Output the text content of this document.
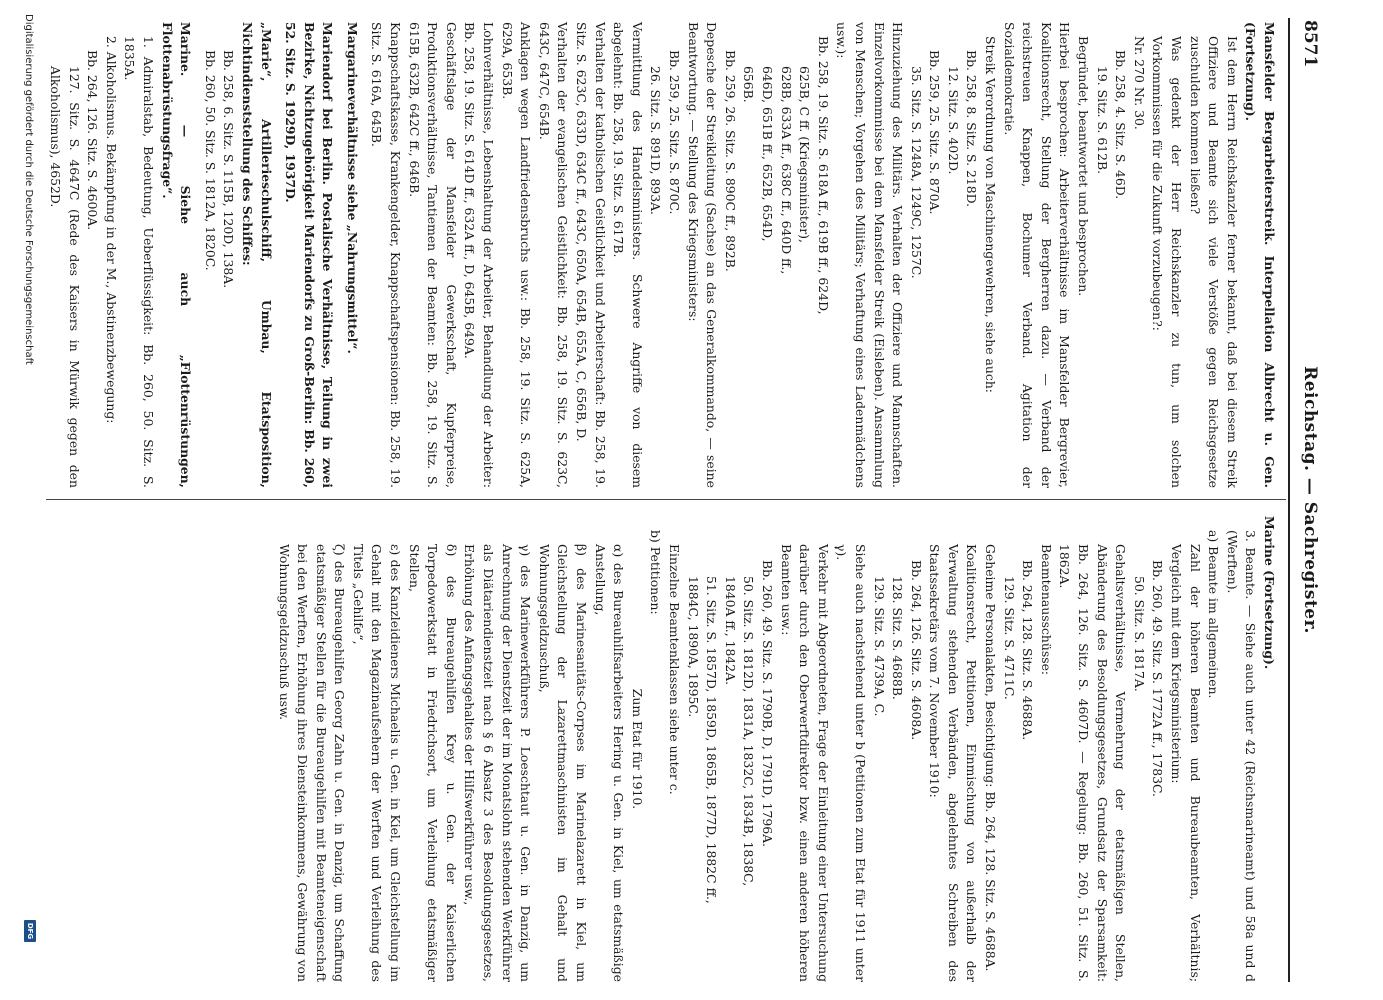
8571
Reichstag. — Sachregister.

Mansfelder Bergarbeiterstreik. Interpellation Albrecht u. Gen. (Fortsetzung).

Ist dem Herrn Reichskanzler ferner bekannt, daß bei diesem Streik Offiziere und Beamte sich viele Verstöße gegen Reichsgesetze zuschulden kommen ließen?

Was gedenkt der Herr Reichskanzler zu tun, um solchen Vorkommnissen für die Zukunft vorzubeugen?:

Nr. 270 Nr. 30.

Bb. 258, 4. Sitz. S. 46D.

19. Sitz. S. 612B.

Begründet, beantwortet und besprochen.

Hierbei besprochen: Arbeiterverhältnisse im Mansfelder Bergrevier, Koalitionsrecht, Stellung der Bergherren dazu. — Verband der reichstreuen Knappen, Bochumer Verband. Agitation der Sozialdemokratie.

Streik Verordnung von Maschinengewehren, siehe auch:

Bb. 258, 8. Sitz. S. 218D.

12. Sitz. S. 402D.

Bb. 259, 25. Sitz. S. 870A.

35. Sitz. S. 1248A, 1249C, 1257C.

Hinzuziehung des Militärs. Verhalten der Offiziere und Mannschaften. Einzelvorkommnisse bei dem Mansfelder Streik (Eisleben). Ansammlung von Menschen; Vorgehen des Militärs; Verhaftung eines Ladenmädchens usw.):

Bb. 258, 19. Sitz. S. 618A ff., 619B ff., 624D,

625B, C ff. (Kriegsminister),

628B, 633A ff., 638C ff., 640D ff.,

646D, 651B ff., 652B, 654D,

656B.

Bb. 259, 26. Sitz. S. 890C ff., 892B.

Depesche der Streikleitung (Sachse) an das Generalkommando, — seine Beantwortung. — Stellung des Kriegsministers:

Bb. 259, 25. Sitz. S. 870C.

26. Sitz. S. 891D, 893A.

Vermittlung des Handelsministers. Schwere Angriffe von diesem abgelehnt: Bb. 258, 19. Sitz. S. 617B.

Verhalten der katholischen Geistlichkeit und Arbeiterschaft: Bb. 258, 19. Sitz. S. 623C, 633D, 634C ff., 643C, 650A, 654B, 655A, C, 656B, D.

Verhalten der evangelischen Geistlichkeit: Bb. 258, 19. Sitz. S. 623C, 643C, 647C, 654B.

Anklagen wegen Landfriedensbruchs usw.: Bb. 258, 19. Sitz. S. 625A, 629A, 653B.

Lohnverhältnisse, Lebenshaltung der Arbeiter, Behandlung der Arbeiter: Bb. 258, 19. Sitz. S. 614D ff., 632A ff., D, 645B, 649A.

Geschäftslage der Mansfelder Gewerkschaft, Kupferpreise, Produktionsverhältnisse, Tantiemen der Beamten: Bb. 258, 19. Sitz. S. 615B, 632B, 642C ff., 646B.

Knappschaftskasse, Krankengelder, Knappschaftspensionen: Bb. 258, 19. Sitz. S. 616A, 645B.

Margarineverhältnisse siehe „Nahrungsmittel“.

Mariendorf bei Berlin. Postalische Verhältnisse, Teilung in zwei Bezirke, Nichtzugehörigkeit Mariendorfs zu Groß-Berlin: Bb. 260, 52. Sitz. S. 1929D, 1937D.

„Marie“, Artillerieschulschiff, Umbau, Etatsposition, Nichtindienststellung des Schiffes:

Bb. 258, 6. Sitz. S. 115B, 120D, 138A.

Bb. 260, 50. Sitz. S. 1812A, 1820C.

Marine. — Siehe auch „Flottenrüstungen, Flottenabrüstungsfrage“.

1. Admiralstab, Bedeutung, Ueberflüssigkeit: Bb. 260, 50. Sitz. S. 1835A.

2. Alkoholismus. Bekämpfung in der M., Abstinenzbewegung:

Bb. 264, 126. Sitz. S. 4600A.

127. Sitz. S. 4647C (Rede des Kaisers in Mürwik gegen den Alkoholismus), 4652D.

Marine (Fortsetzung).

3. Beamte. — Siehe auch unter 42 (Reichsmarineamt) und 58a und d (Werften).

a) Beamte im allgemeinen.

Zahl der höheren Beamten und Bureaubeamten, Verhältnis; Vergleich mit dem Kriegsministerium:

Bb. 260, 49. Sitz. S. 1772A ff., 1783C.

50. Sitz. S. 1817A.

Gehaltsverhältnisse, Vermehrung der etatsmäßigen Stellen, Abänderung des Besoldungsgesetzes, Grundsatz der Sparsamkeit: Bb. 264, 126. Sitz. S. 4607D. — Regelung: Bb. 260, 51. Sitz. S. 1862A.

Beamtenausschüsse:

Bb. 264, 128. Sitz. S. 4688A.

129. Sitz. S. 4711C.

Geheime Personalakten, Besichtigung: Bb. 264, 128. Sitz. S. 4688A.

Koalitionsrecht, Petitionen, Einmischung von außerhalb der Verwaltung stehenden Verbänden, abgelehntes Schreiben des Staatssekretärs vom 7. November 1910:

Bb. 264, 126. Sitz. S. 4608A.

128. Sitz. S. 4688B.

129. Sitz. S. 4739A, C.

Siehe auch nachstehend unter b (Petitionen zum Etat für 1911 unter γ).

Verkehr mit Abgeordneten, Frage der Einleitung einer Untersuchung darüber durch den Oberwerftdirektor bzw. einen anderen höheren Beamten usw.:

Bb. 260, 49. Sitz. S. 1790B, D, 1791D, 1796A.

50. Sitz. S. 1812D, 1831A, 1832C, 1834B, 1838C,

1840A ff., 1842A.

51. Sitz. S. 1857D, 1859D, 1865B, 1877D, 1882C ff.,

1884C, 1890A, 1895C.

Einzelne Beamtenklassen siehe unter c.

b) Petitionen:

Zum Etat für 1910.

α) des Bureauhilfsarbeiters Hering u. Gen. in Kiel, um etatsmäßige Anstellung,

β) des Marinesanitäts-Corpses im Marinelazarett in Kiel, um Gleichstellung der Lazarettmaschinisten im Gehalt und Wohnungsgeldzuschuß,

γ) des Marinewerkführers P. Loeschtaut u. Gen. in Danzig, um Anrechnung der Dienstzeit der im Monatslohn stehenden Werkführer als Diätariendienstzeit nach § 6 Absatz 3 des Besoldungsgesetzes, Erhöhung des Anfangsgehaltes der Hilfswerkführer usw.,

δ) des Bureaugehilfen Krey u. Gen. der Kaiserlichen Torpedowerkstatt in Friedrichsort, um Verleihung etatsmäßiger Stellen,

ε) des Kanzleidieners Michaelis u. Gen. in Kiel, um Gleichstellung im Gehalt mit den Magazinaufsehern der Werften und Verleihung des Titels „Gehilfe“,

ζ) des Bureaugehilfen Georg Zahn u. Gen. in Danzig, um Schaffung etatsmäßiger Stellen für die Bureaugehilfen mit Beamteneigenschaft bei den Werften, Erhöhung ihres Diensteinkommens, Gewährung von Wohnungsgeldzuschuß usw.

Digitalisierung gefördert durch die Deutsche Forschungsgemeinschaft
DFG
